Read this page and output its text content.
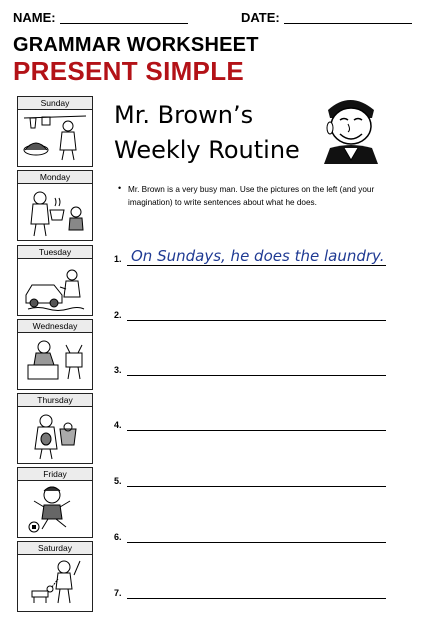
NAME:	DATE:
GRAMMAR WORKSHEET
PRESENT SIMPLE
Sunday
Monday
Tuesday
Wednesday
Thursday
Friday
Saturday
Mr. Brown’s
Weekly Routine
• Mr. Brown is a very busy man. Use the pictures on the left (and your imagination) to write sentences about what he does.
1. On Sundays, he does the laundry.
2.
3.
4.
5.
6.
7.
